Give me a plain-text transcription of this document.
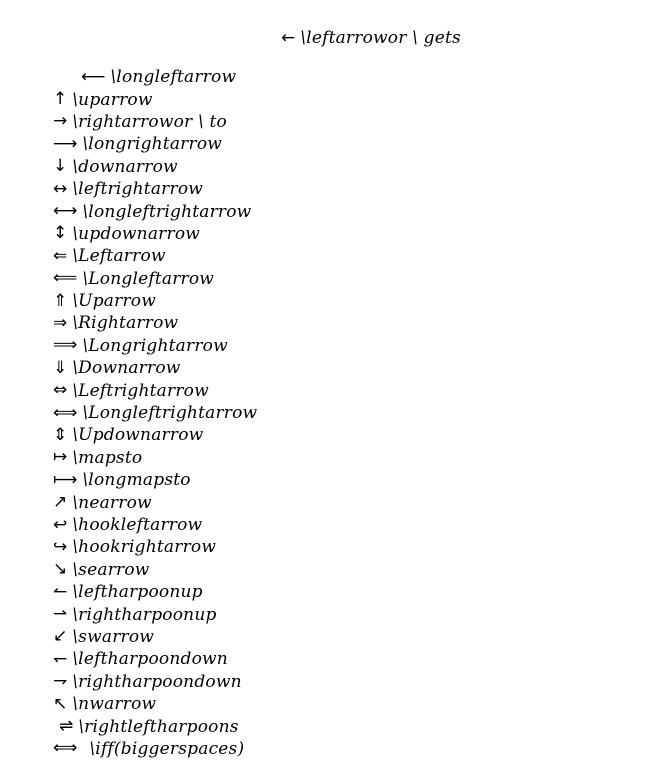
← \leftarrowor \ gets
⟵ \longleftarrow
↑ \uparrow
→ \rightarrowor \ to
⟶ \longrightarrow
↓ \downarrow
↔ \leftrightarrow
⟷ \longleftrightarrow
↕ \updownarrow
⇐ \Leftarrow
⟸ \Longleftarrow
⇑ \Uparrow
⇒ \Rightarrow
⟹ \Longrightarrow
⇓ \Downarrow
⇔ \Leftrightarrow
⟺ \Longleftrightarrow
⇕ \Updownarrow
↦ \mapsto
⟼ \longmapsto
↗ \nearrow
↩ \hookleftarrow
↪ \hookrightarrow
↘ \searrow
↼ \leftharpoonup
⇀ \rightharpoonup
↙ \swarrow
↽ \leftharpoondown
⇁ \rightharpoondown
↖ \nwarrow
⇌ \rightleftharpoons
⟺ \iff(biggerspaces)
